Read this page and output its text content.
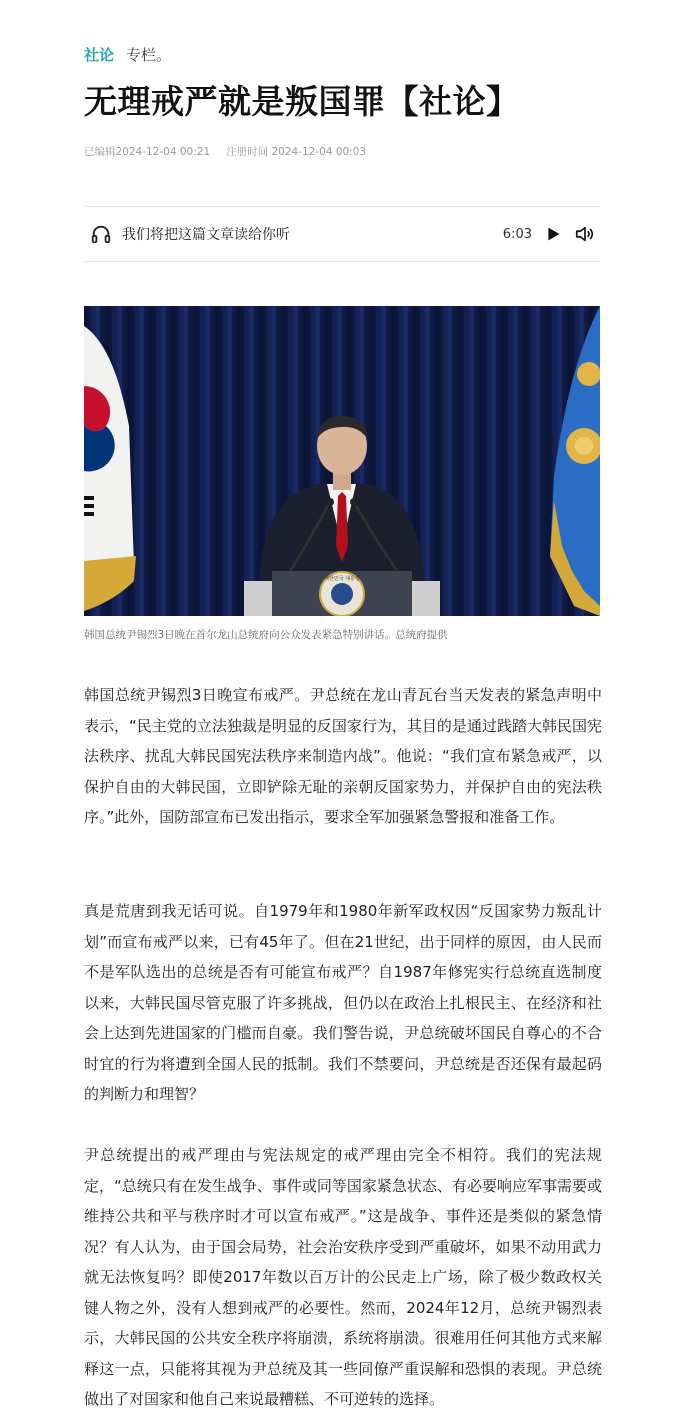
社论 专栏。
无理戒严就是叛国罪【社论】
已编辑2024-12-04 00:21 注册时间 2024-12-04 00:03
我们将把这篇文章读给你听	6:03
대한민국 대통령
韩国总统尹锡烈3日晚在首尔龙山总统府向公众发表紧急特别讲话。总统府提供

韩国总统尹锡烈3日晚宣布戒严。尹总统在龙山青瓦台当天发表的紧急声明中表示，“民主党的立法独裁是明显的反国家行为，其目的是通过践踏大韩民国宪法秩序、扰乱大韩民国宪法秩序来制造内战”。他说：“我们宣布紧急戒严，以保护自由的大韩民国，立即铲除无耻的亲朝反国家势力，并保护自由的宪法秩序。”此外，国防部宣布已发出指示，要求全军加强紧急警报和准备工作。

真是荒唐到我无话可说。自1979年和1980年新军政权因“反国家势力叛乱计划”而宣布戒严以来，已有45年了。但在21世纪，出于同样的原因，由人民而不是军队选出的总统是否有可能宣布戒严？自1987年修宪实行总统直选制度以来，大韩民国尽管克服了许多挑战，但仍以在政治上扎根民主、在经济和社会上达到先进国家的门槛而自豪。我们警告说，尹总统破坏国民自尊心的不合时宜的行为将遭到全国人民的抵制。我们不禁要问，尹总统是否还保有最起码的判断力和理智？

尹总统提出的戒严理由与宪法规定的戒严理由完全不相符。我们的宪法规定，“总统只有在发生战争、事件或同等国家紧急状态、有必要响应军事需要或维持公共和平与秩序时才可以宣布戒严。”这是战争、事件还是类似的紧急情况？有人认为，由于国会局势，社会治安秩序受到严重破坏，如果不动用武力就无法恢复吗？即使2017年数以百万计的公民走上广场，除了极少数政权关键人物之外，没有人想到戒严的必要性。然而，2024年12月，总统尹锡烈表示，大韩民国的公共安全秩序将崩溃，系统将崩溃。很难用任何其他方式来解释这一点，只能将其视为尹总统及其一些同僚严重误解和恐惧的表现。尹总统做出了对国家和他自己来说最糟糕、不可逆转的选择。
